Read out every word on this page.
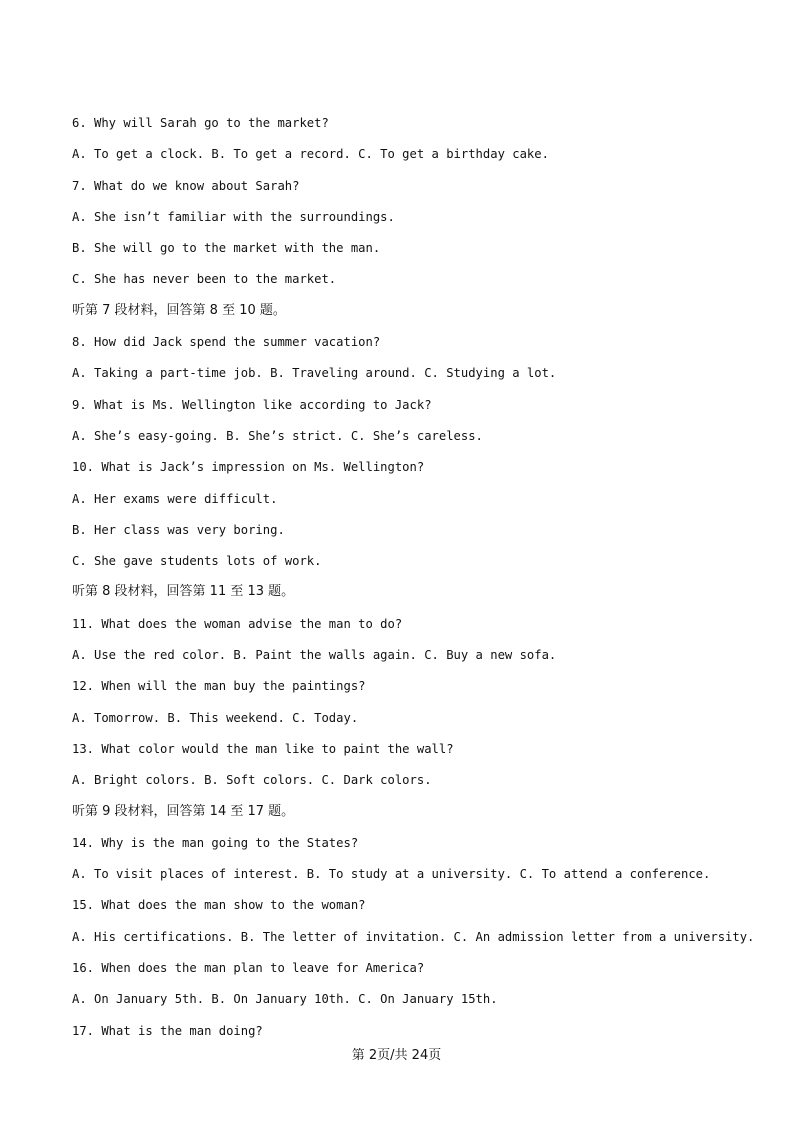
6. Why will Sarah go to the market?
A. To get a clock. B. To get a record. C. To get a birthday cake.
7. What do we know about Sarah?
A. She isn’t familiar with the surroundings.
B. She will go to the market with the man.
C. She has never been to the market.
听第 7 段材料，回答第 8 至 10 题。
8. How did Jack spend the summer vacation?
A. Taking a part-time job. B. Traveling around. C. Studying a lot.
9. What is Ms. Wellington like according to Jack?
A. She’s easy-going. B. She’s strict. C. She’s careless.
10. What is Jack’s impression on Ms. Wellington?
A. Her exams were difficult.
B. Her class was very boring.
C. She gave students lots of work.
听第 8 段材料，回答第 11 至 13 题。
11. What does the woman advise the man to do?
A. Use the red color. B. Paint the walls again. C. Buy a new sofa.
12. When will the man buy the paintings?
A. Tomorrow. B. This weekend. C. Today.
13. What color would the man like to paint the wall?
A. Bright colors. B. Soft colors. C. Dark colors.
听第 9 段材料，回答第 14 至 17 题。
14. Why is the man going to the States?
A. To visit places of interest. B. To study at a university. C. To attend a conference.
15. What does the man show to the woman?
A. His certifications. B. The letter of invitation. C. An admission letter from a university.
16. When does the man plan to leave for America?
A. On January 5th. B. On January 10th. C. On January 15th.
17. What is the man doing?
第 2页/共 24页
